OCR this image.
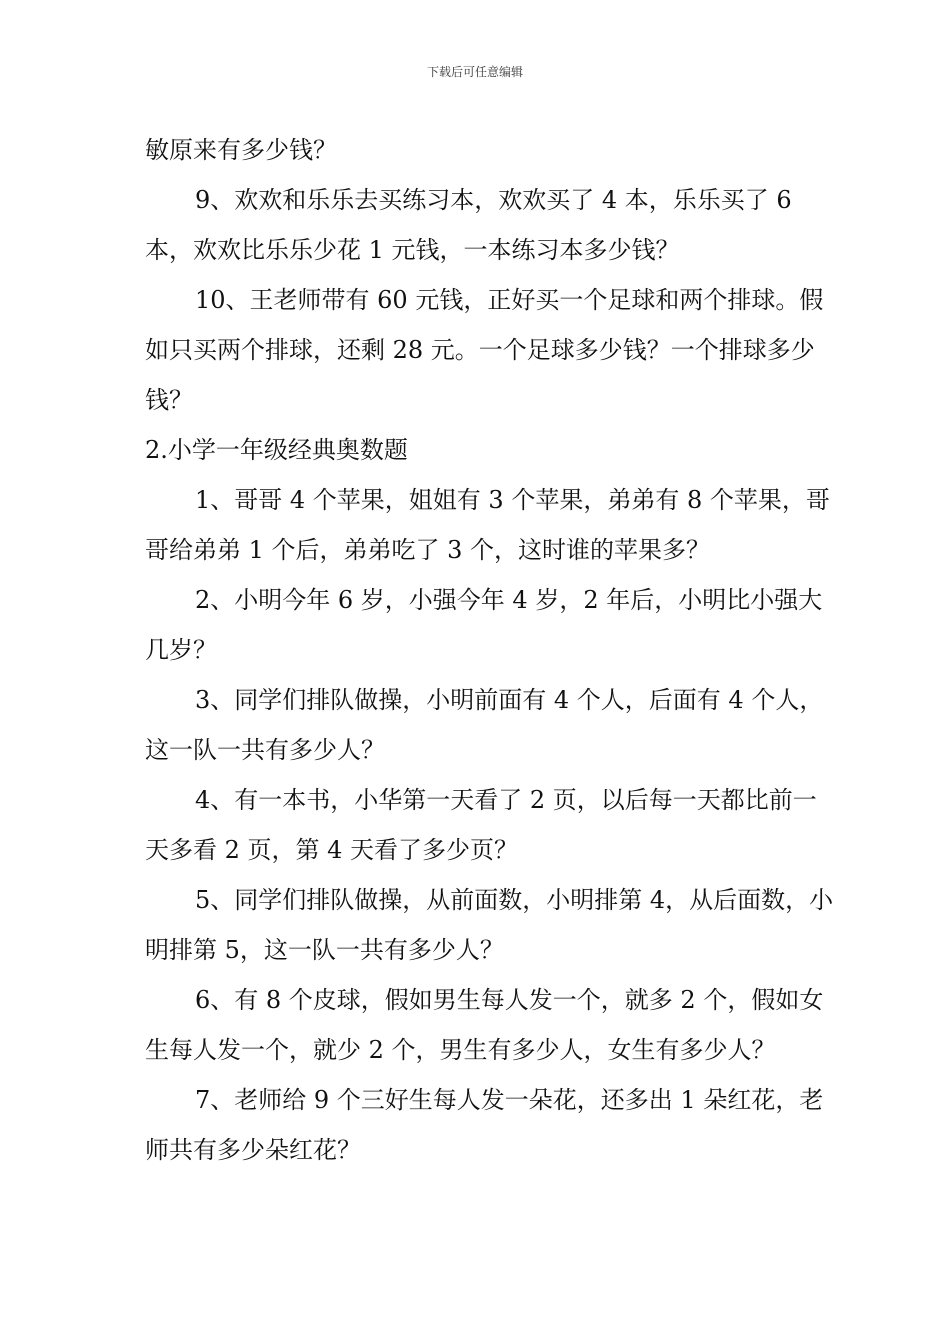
下载后可任意编辑

敏原来有多少钱？

9、欢欢和乐乐去买练习本，欢欢买了 4 本，乐乐买了 6 本，欢欢比乐乐少花 1 元钱，一本练习本多少钱？

10、王老师带有 60 元钱，正好买一个足球和两个排球。假如只买两个排球，还剩 28 元。一个足球多少钱？一个排球多少钱？

2.小学一年级经典奥数题

1、哥哥 4 个苹果，姐姐有 3 个苹果，弟弟有 8 个苹果，哥哥给弟弟 1 个后，弟弟吃了 3 个，这时谁的苹果多？

2、小明今年 6 岁，小强今年 4 岁，2 年后，小明比小强大几岁？

3、同学们排队做操，小明前面有 4 个人，后面有 4 个人，这一队一共有多少人？

4、有一本书，小华第一天看了 2 页，以后每一天都比前一天多看 2 页，第 4 天看了多少页？

5、同学们排队做操，从前面数，小明排第 4，从后面数，小明排第 5，这一队一共有多少人？

6、有 8 个皮球，假如男生每人发一个，就多 2 个，假如女生每人发一个，就少 2 个，男生有多少人，女生有多少人？

7、老师给 9 个三好生每人发一朵花，还多出 1 朵红花，老师共有多少朵红花？
